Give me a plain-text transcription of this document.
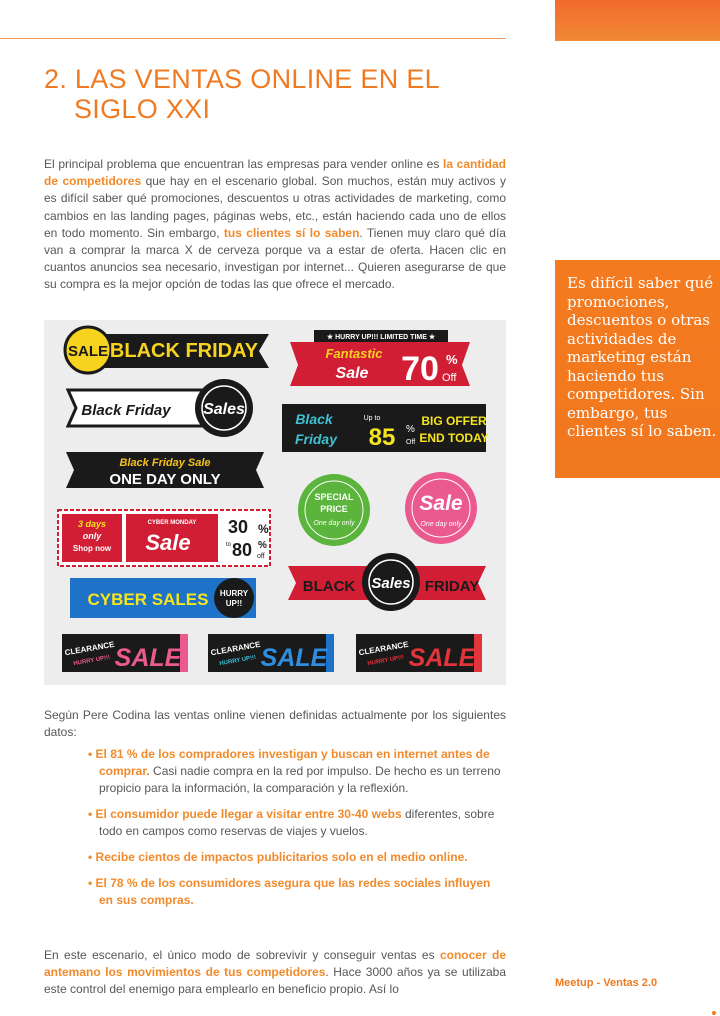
2. LAS VENTAS ONLINE EN EL
SIGLO XXI

El principal problema que encuentran las empresas para vender online es la cantidad de competidores que hay en el escenario global. Son muchos, están muy activos y es difícil saber qué promociones, descuentos u otras actividades de marketing, como cambios en las landing pages, páginas webs, etc., están haciendo cada uno de ellos en todo momento. Sin embargo, tus clientes sí lo saben. Tienen muy claro qué día van a comprar la marca X de cerveza porque va a estar de oferta. Hacen clic en cuantos anuncios sea necesario, investigan por internet... Quieren asegurarse de que su compra es la mejor opción de todas las que ofrece el mercado.	Es difícil saber qué promociones, descuentos o otras actividades de marketing están haciendo tus competidores. Sin embargo, tus clientes sí lo saben.

SALE BLACK FRIDAY
★ HURRY UP!!! LIMITED TIME ★
Fantastic
Sale 70 %
Off
Black Friday Sales
Black
Friday
Up to
85 %
Off
BIG OFFER
END TODAY
Black Friday Sale
ONE DAY ONLY
SPECIAL
PRICE
One day only
Sale
One day only
3 days
only
Shop now
CYBER MONDAY
Sale
30 %
to 80 %
off
BLACK	FRIDAY
Sales
CYBER SALES HURRY
UP!!
CLEARANCE
HURRY UP!!! SALE	CLEARANCE
HURRY UP!!! SALE	CLEARANCE
HURRY UP!!! SALE

Según Pere Codina las ventas online vienen definidas actualmente por los siguientes datos:

• El 81 % de los compradores investigan y buscan en internet antes de comprar. Casi nadie compra en la red por impulso. De hecho es un terreno propicio para la información, la comparación y la reflexión.
• El consumidor puede llegar a visitar entre 30-40 webs diferentes, sobre todo en campos como reservas de viajes y vuelos.
• Recibe cientos de impactos publicitarios solo en el medio online.
• El 78 % de los consumidores asegura que las redes sociales influyen en sus compras.

En este escenario, el único modo de sobrevivir y conseguir ventas es conocer de antemano los movimientos de tus competidores. Hace 3000 años ya se utilizaba este control del enemigo para emplearlo en beneficio propio. Así lo	Meetup - Ventas 2.0
